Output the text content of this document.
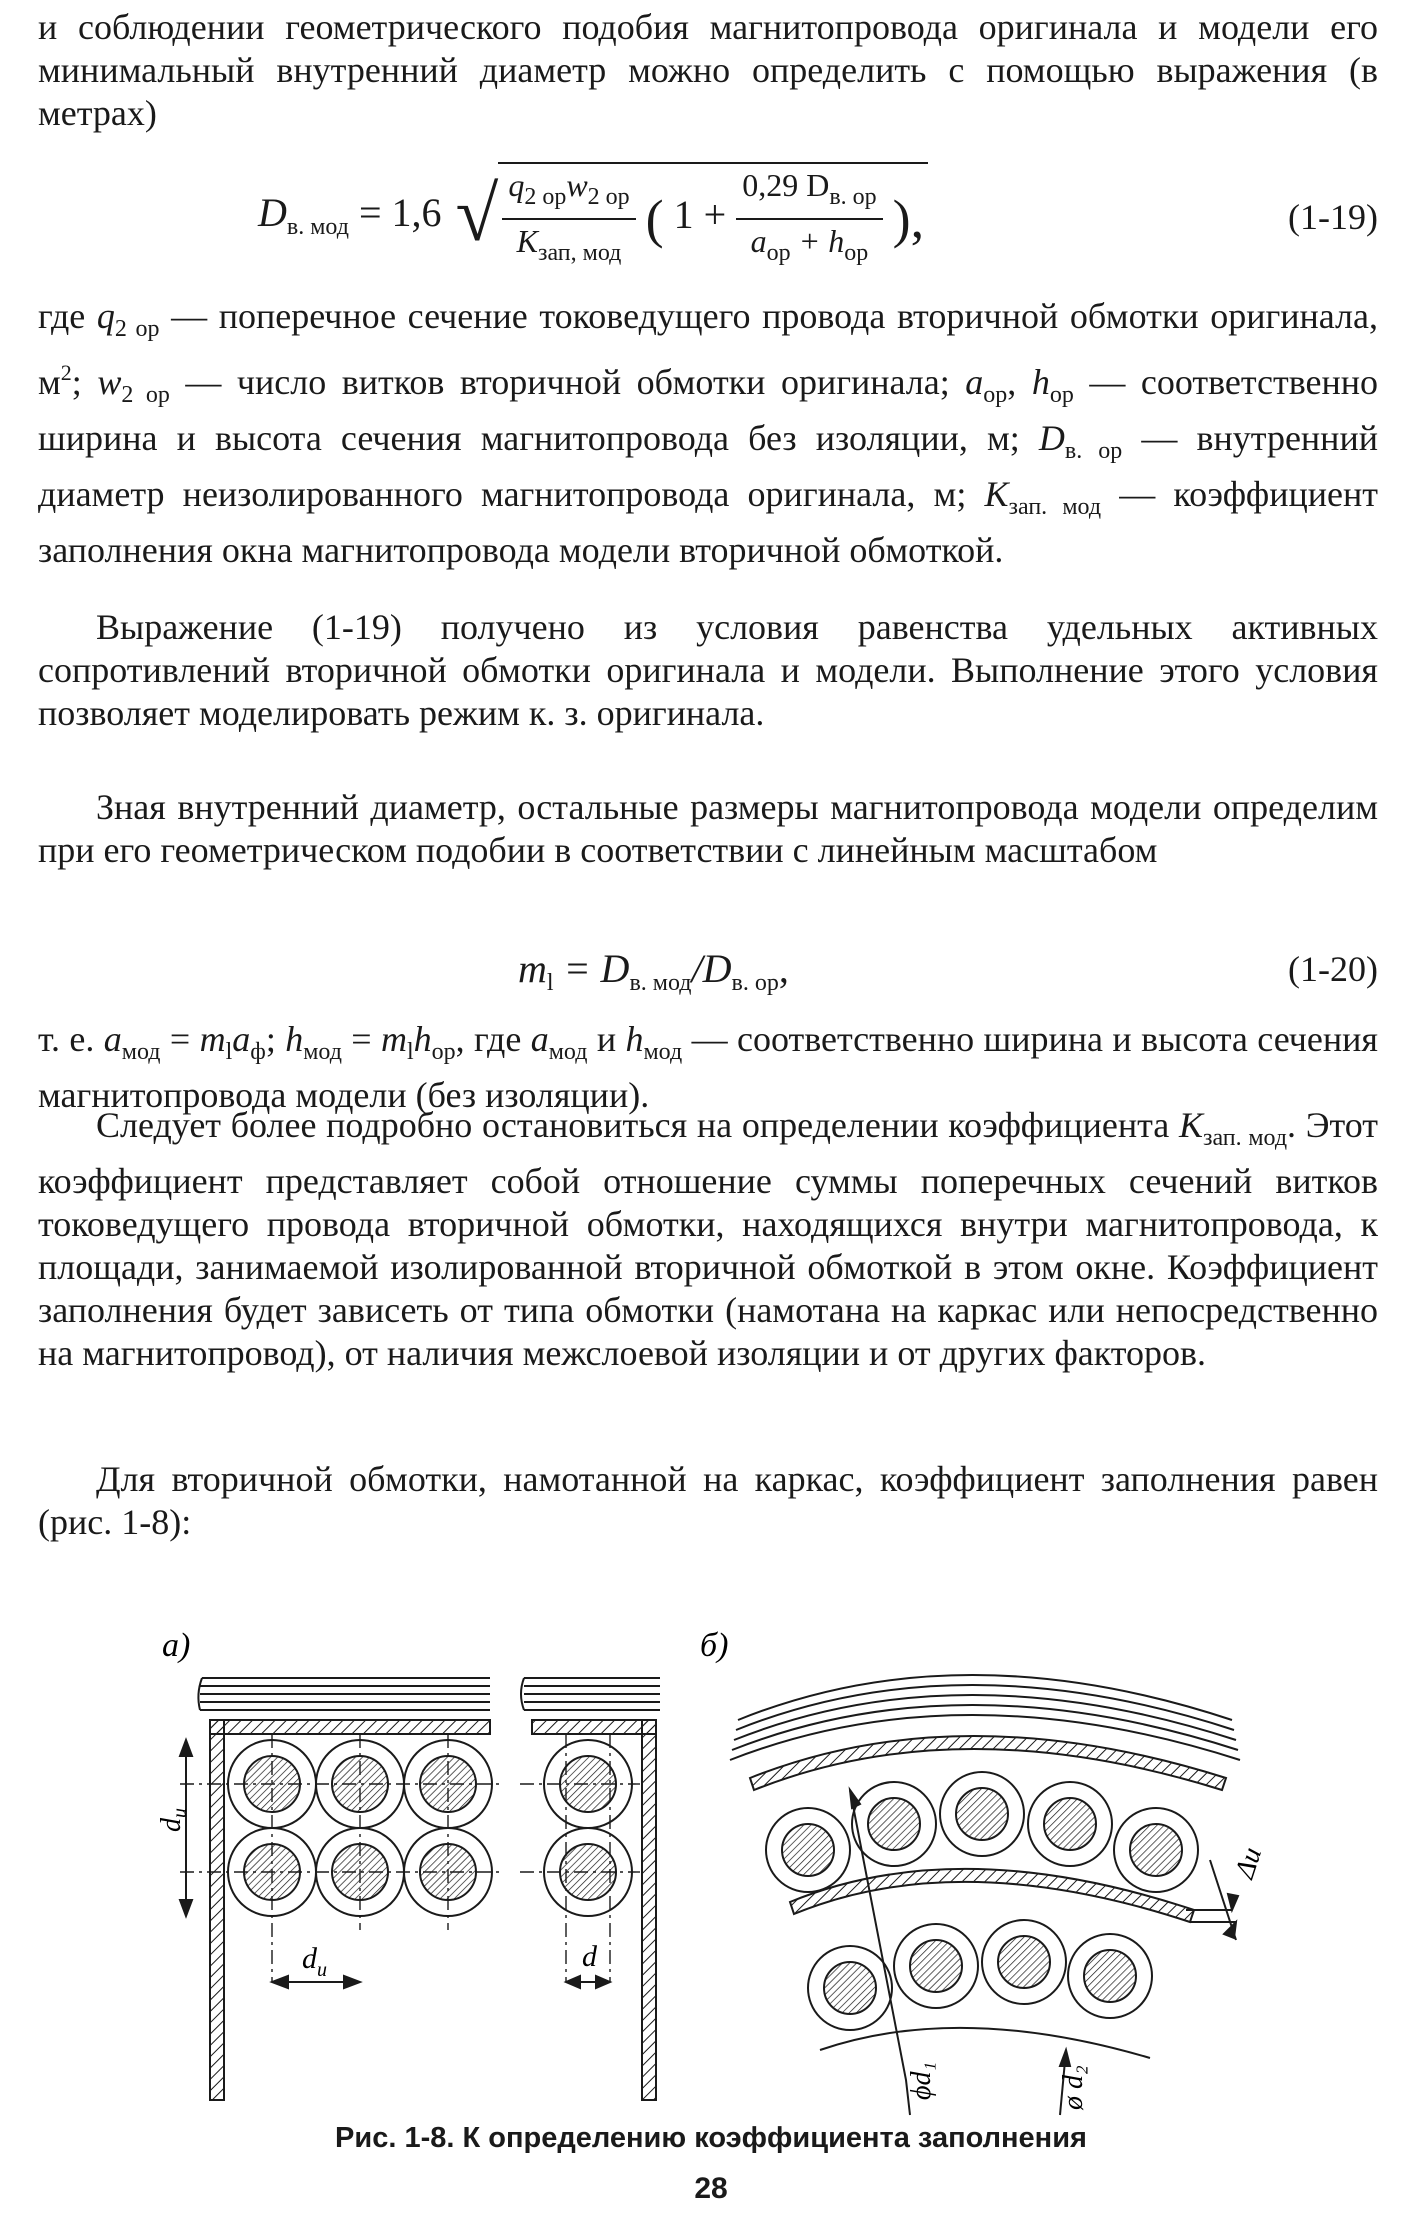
и соблюдении геометрического подобия магнитопровода оригинала и модели его минимальный внутренний диаметр можно определить с помощью выражения (в метрах)

$D_{в. мод} = 1,6$ √ $\frac{q_{2 ор}w_{2 ор}}{K_{зап, мод}}$ ( $1 + \frac{0,29 D_{в. ор}}{a_{ор} + h_{ор}}$ ),	(1-19)

где $q_{2 ор}$ — поперечное сечение токоведущего провода вторичной обмотки оригинала, $м^2$; $w_{2 ор}$ — число витков вторичной обмотки оригинала; $a_{ор}$, $h_{ор}$ — соответственно ширина и высота сечения магнитопровода без изоляции, м; $D_{в. ор}$ — внутренний диаметр неизолированного магнитопровода оригинала, м; $K_{зап. мод}$ — коэффициент заполнения окна магнитопровода модели вторичной обмоткой.

Выражение (1-19) получено из условия равенства удельных активных сопротивлений вторичной обмотки оригинала и модели. Выполнение этого условия позволяет моделировать режим к. з. оригинала.

Зная внутренний диаметр, остальные размеры магнитопровода модели определим при его геометрическом подобии в соответствии с линейным масштабом

$m_l = D_{в. мод}/D_{в. ор}$,	(1-20)

т. е. $a_{мод} = m_la_ф$; $h_{мод} = m_lh_{ор}$, где $a_{мод}$ и $h_{мод}$ — соответственно ширина и высота сечения магнитопровода модели (без изоляции).

Следует более подробно остановиться на определении коэффициента $K_{зап. мод}$. Этот коэффициент представляет собой отношение суммы поперечных сечений витков токоведущего провода вторичной обмотки, находящихся внутри магнитопровода, к площади, занимаемой изолированной вторичной обмоткой в этом окне. Коэффициент заполнения будет зависеть от типа обмотки (намотана на каркас или непосредственно на магнитопровод), от наличия межслоевой изоляции и от других факторов.

Для вторичной обмотки, намотанной на каркас, коэффициент заполнения равен (рис. 1-8):

а)
$d_и$
$d_и$	d
б)
Δu
ϕd₁	ø d₂
Рис. 1-8. К определению коэффициента заполнения
28
